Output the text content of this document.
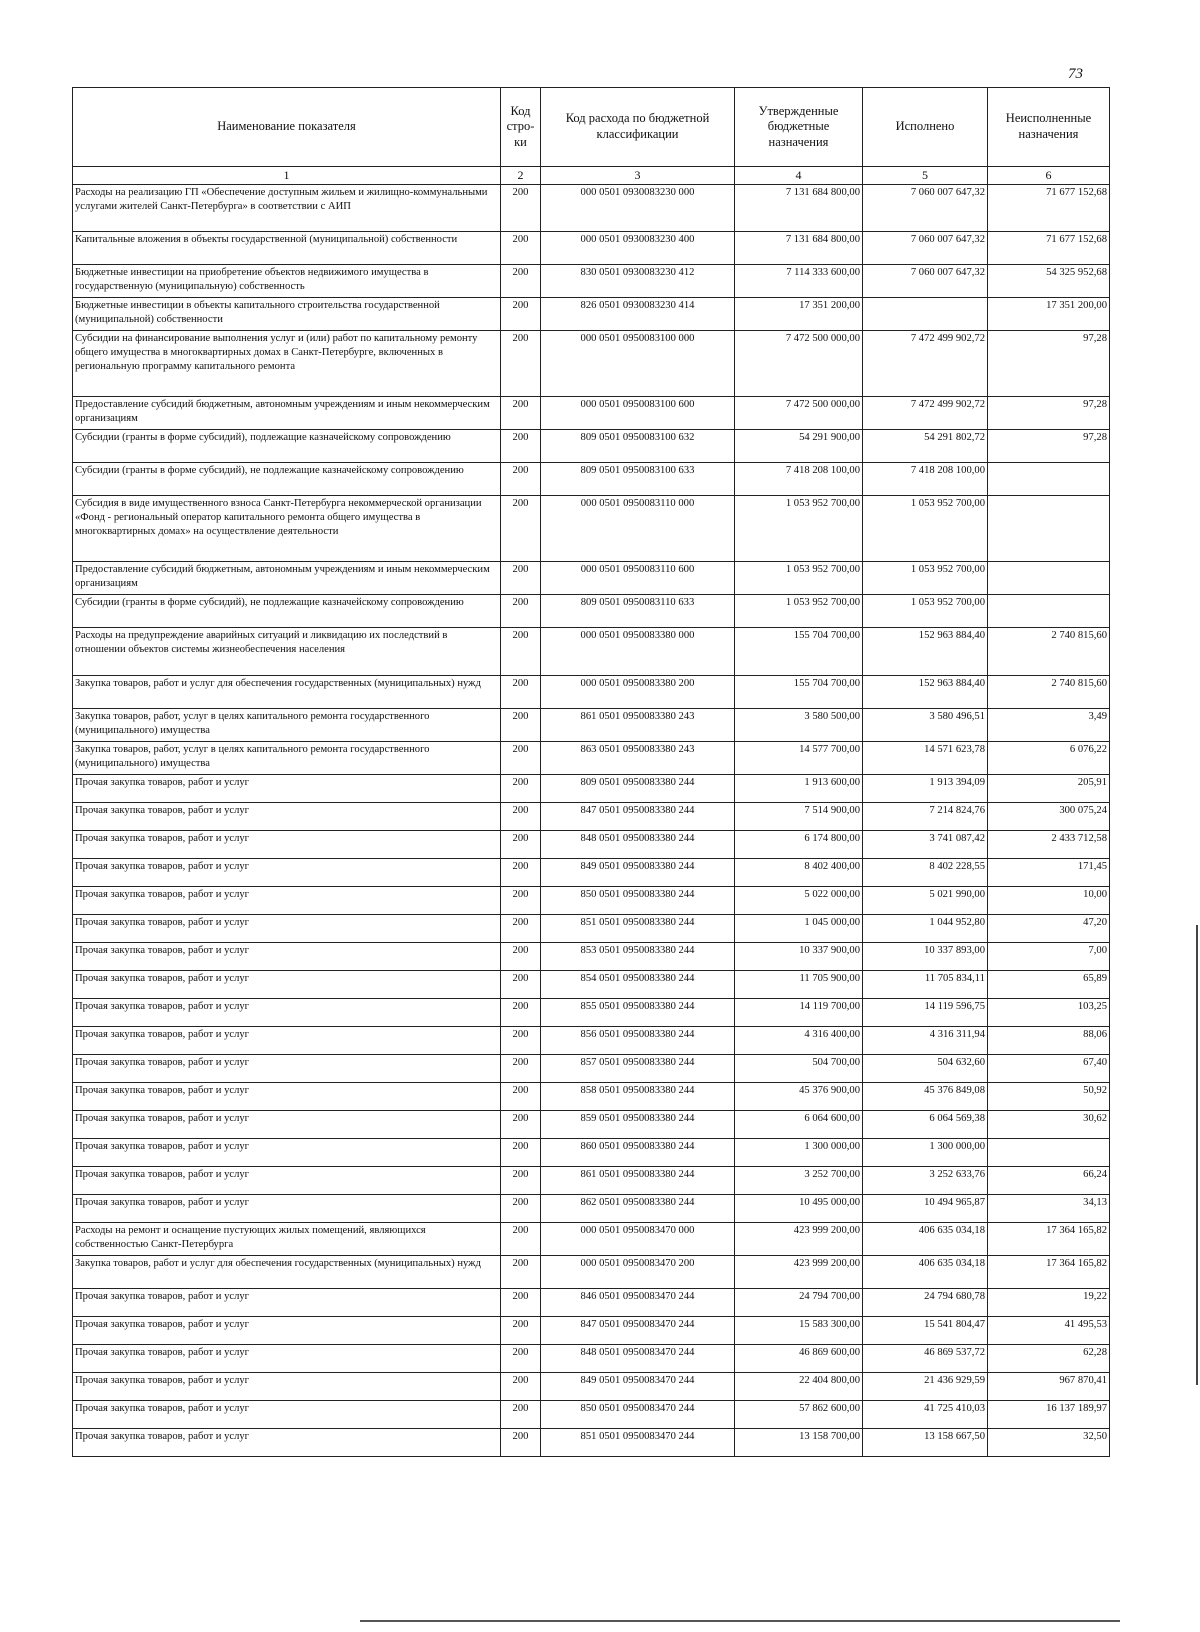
73
Наименование показателя	Код стро- ки	Код расхода по бюджетной классификации	Утвержденные бюджетные назначения	Исполнено	Неисполненные назначения
1	2	3	4	5	6
Расходы на реализацию ГП «Обеспечение доступным жильем и жилищно-коммунальными услугами жителей Санкт-Петербурга» в соответствии с АИП	200	000 0501 0930083230 000	7 131 684 800,00	7 060 007 647,32	71 677 152,68
Капитальные вложения в объекты государственной (муниципальной) собственности	200	000 0501 0930083230 400	7 131 684 800,00	7 060 007 647,32	71 677 152,68
Бюджетные инвестиции на приобретение объектов недвижимого имущества в государственную (муниципальную) собственность	200	830 0501 0930083230 412	7 114 333 600,00	7 060 007 647,32	54 325 952,68
Бюджетные инвестиции в объекты капитального строительства государственной (муниципальной) собственности	200	826 0501 0930083230 414	17 351 200,00		17 351 200,00
Субсидии на финансирование выполнения услуг и (или) работ по капитальному ремонту общего имущества в многоквартирных домах в Санкт-Петербурге, включенных в региональную программу капитального ремонта	200	000 0501 0950083100 000	7 472 500 000,00	7 472 499 902,72	97,28
Предоставление субсидий бюджетным, автономным учреждениям и иным некоммерческим организациям	200	000 0501 0950083100 600	7 472 500 000,00	7 472 499 902,72	97,28
Субсидии (гранты в форме субсидий), подлежащие казначейскому сопровождению	200	809 0501 0950083100 632	54 291 900,00	54 291 802,72	97,28
Субсидии (гранты в форме субсидий), не подлежащие казначейскому сопровождению	200	809 0501 0950083100 633	7 418 208 100,00	7 418 208 100,00	
Субсидия в виде имущественного взноса Санкт-Петербурга некоммерческой организации «Фонд - региональный оператор капитального ремонта общего имущества в многоквартирных домах» на осуществление деятельности	200	000 0501 0950083110 000	1 053 952 700,00	1 053 952 700,00	
Предоставление субсидий бюджетным, автономным учреждениям и иным некоммерческим организациям	200	000 0501 0950083110 600	1 053 952 700,00	1 053 952 700,00	
Субсидии (гранты в форме субсидий), не подлежащие казначейскому сопровождению	200	809 0501 0950083110 633	1 053 952 700,00	1 053 952 700,00	
Расходы на предупреждение аварийных ситуаций и ликвидацию их последствий в отношении объектов системы жизнеобеспечения населения	200	000 0501 0950083380 000	155 704 700,00	152 963 884,40	2 740 815,60
Закупка товаров, работ и услуг для обеспечения государственных (муниципальных) нужд	200	000 0501 0950083380 200	155 704 700,00	152 963 884,40	2 740 815,60
Закупка товаров, работ, услуг в целях капитального ремонта государственного (муниципального) имущества	200	861 0501 0950083380 243	3 580 500,00	3 580 496,51	3,49
Закупка товаров, работ, услуг в целях капитального ремонта государственного (муниципального) имущества	200	863 0501 0950083380 243	14 577 700,00	14 571 623,78	6 076,22
Прочая закупка товаров, работ и услуг	200	809 0501 0950083380 244	1 913 600,00	1 913 394,09	205,91
Прочая закупка товаров, работ и услуг	200	847 0501 0950083380 244	7 514 900,00	7 214 824,76	300 075,24
Прочая закупка товаров, работ и услуг	200	848 0501 0950083380 244	6 174 800,00	3 741 087,42	2 433 712,58
Прочая закупка товаров, работ и услуг	200	849 0501 0950083380 244	8 402 400,00	8 402 228,55	171,45
Прочая закупка товаров, работ и услуг	200	850 0501 0950083380 244	5 022 000,00	5 021 990,00	10,00
Прочая закупка товаров, работ и услуг	200	851 0501 0950083380 244	1 045 000,00	1 044 952,80	47,20
Прочая закупка товаров, работ и услуг	200	853 0501 0950083380 244	10 337 900,00	10 337 893,00	7,00
Прочая закупка товаров, работ и услуг	200	854 0501 0950083380 244	11 705 900,00	11 705 834,11	65,89
Прочая закупка товаров, работ и услуг	200	855 0501 0950083380 244	14 119 700,00	14 119 596,75	103,25
Прочая закупка товаров, работ и услуг	200	856 0501 0950083380 244	4 316 400,00	4 316 311,94	88,06
Прочая закупка товаров, работ и услуг	200	857 0501 0950083380 244	504 700,00	504 632,60	67,40
Прочая закупка товаров, работ и услуг	200	858 0501 0950083380 244	45 376 900,00	45 376 849,08	50,92
Прочая закупка товаров, работ и услуг	200	859 0501 0950083380 244	6 064 600,00	6 064 569,38	30,62
Прочая закупка товаров, работ и услуг	200	860 0501 0950083380 244	1 300 000,00	1 300 000,00	
Прочая закупка товаров, работ и услуг	200	861 0501 0950083380 244	3 252 700,00	3 252 633,76	66,24
Прочая закупка товаров, работ и услуг	200	862 0501 0950083380 244	10 495 000,00	10 494 965,87	34,13
Расходы на ремонт и оснащение пустующих жилых помещений, являющихся собственностью Санкт-Петербурга	200	000 0501 0950083470 000	423 999 200,00	406 635 034,18	17 364 165,82
Закупка товаров, работ и услуг для обеспечения государственных (муниципальных) нужд	200	000 0501 0950083470 200	423 999 200,00	406 635 034,18	17 364 165,82
Прочая закупка товаров, работ и услуг	200	846 0501 0950083470 244	24 794 700,00	24 794 680,78	19,22
Прочая закупка товаров, работ и услуг	200	847 0501 0950083470 244	15 583 300,00	15 541 804,47	41 495,53
Прочая закупка товаров, работ и услуг	200	848 0501 0950083470 244	46 869 600,00	46 869 537,72	62,28
Прочая закупка товаров, работ и услуг	200	849 0501 0950083470 244	22 404 800,00	21 436 929,59	967 870,41
Прочая закупка товаров, работ и услуг	200	850 0501 0950083470 244	57 862 600,00	41 725 410,03	16 137 189,97
Прочая закупка товаров, работ и услуг	200	851 0501 0950083470 244	13 158 700,00	13 158 667,50	32,50
